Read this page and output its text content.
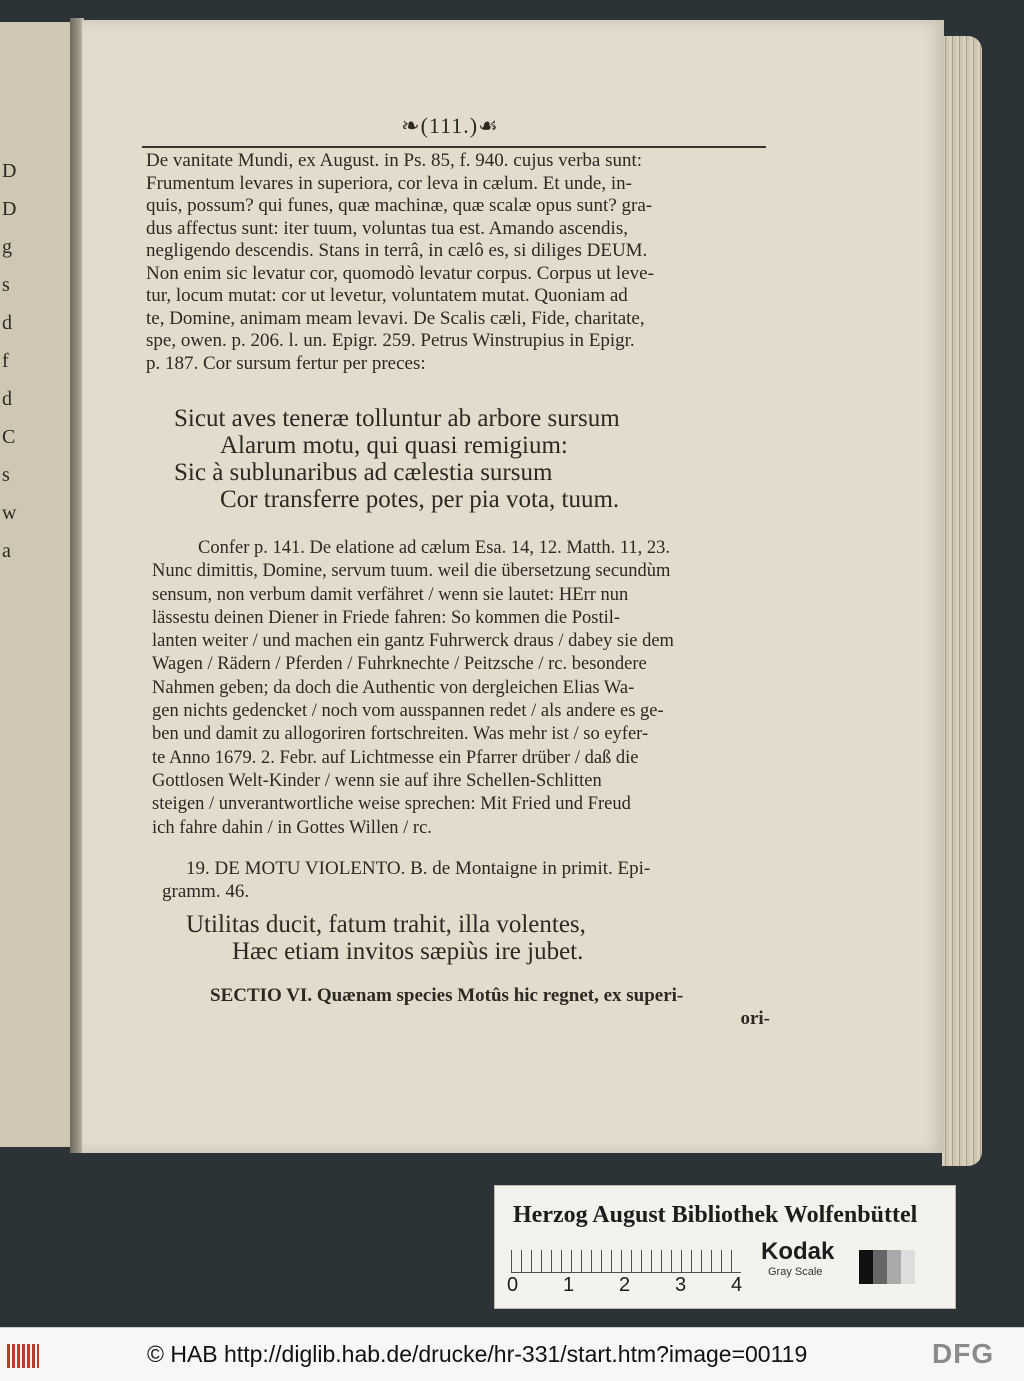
D
D
g
s
d
f
d
C
s
w
a
❧(111.)☙
De vanitate Mundi, ex August. in Ps. 85, f. 940. cujus verba sunt:
Frumentum levares in superiora, cor leva in cælum. Et unde, in-
quis, possum? qui funes, quæ machinæ, quæ scalæ opus sunt? gra-
dus affectus sunt: iter tuum, voluntas tua est. Amando ascendis,
negligendo descendis. Stans in terrâ, in cælô es, si diliges DEUM.
Non enim sic levatur cor, quomodò levatur corpus. Corpus ut leve-
tur, locum mutat: cor ut levetur, voluntatem mutat. Quoniam ad
te, Domine, animam meam levavi. De Scalis cæli, Fide, charitate,
spe, owen. p. 206. l. un. Epigr. 259. Petrus Winstrupius in Epigr.
p. 187. Cor sursum fertur per preces:
Sicut aves teneræ tolluntur ab arbore sursum
Alarum motu, qui quasi remigium:
Sic à sublunaribus ad cælestia sursum
Cor transferre potes, per pia vota, tuum.
Confer p. 141. De elatione ad cælum Esa. 14, 12. Matth. 11, 23.
Nunc dimittis, Domine, servum tuum. weil die übersetzung secundùm
sensum, non verbum damit verfähret / wenn sie lautet: HErr nun
lässestu deinen Diener in Friede fahren: So kommen die Postil-
lanten weiter / und machen ein gantz Fuhrwerck draus / dabey sie dem
Wagen / Rädern / Pferden / Fuhrknechte / Peitzsche / rc. besondere
Nahmen geben; da doch die Authentic von dergleichen Elias Wa-
gen nichts gedencket / noch vom ausspannen redet / als andere es ge-
ben und damit zu allogoriren fortschreiten. Was mehr ist / so eyfer-
te Anno 1679. 2. Febr. auf Lichtmesse ein Pfarrer drüber / daß die
Gottlosen Welt-Kinder / wenn sie auf ihre Schellen-Schlitten
steigen / unverantwortliche weise sprechen: Mit Fried und Freud
ich fahre dahin / in Gottes Willen / rc.
19. DE MOTU VIOLENTO. B. de Montaigne in primit. Epi-
gramm. 46.
Utilitas ducit, fatum trahit, illa volentes,
Hæc etiam invitos sæpiùs ire jubet.
SECTIO VI. Quænam species Motûs hic regnet, ex superi-
ori-
Herzog August Bibliothek Wolfenbüttel
0 1 2 3 4
Kodak
Gray Scale
© HAB http://diglib.hab.de/drucke/hr-331/start.htm?image=00119	DFG
